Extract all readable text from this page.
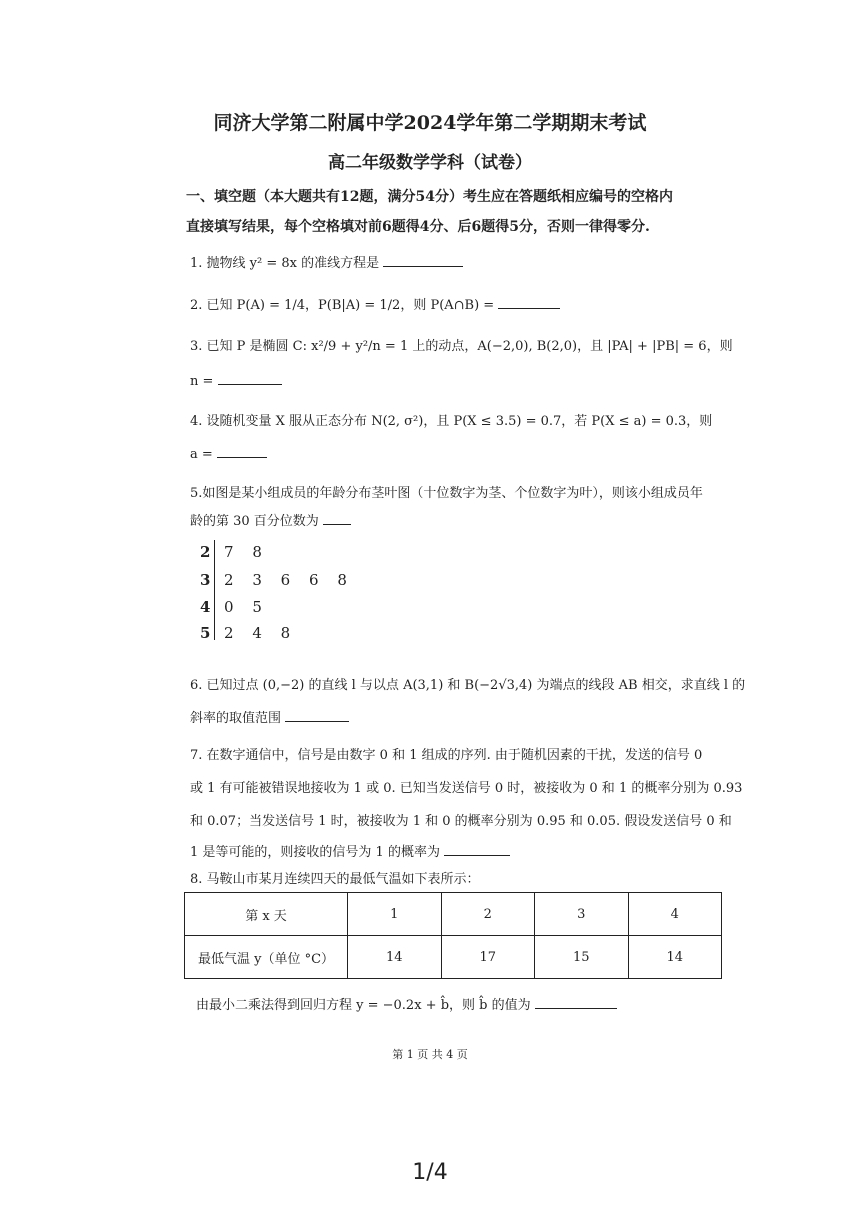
同济大学第二附属中学2024学年第二学期期末考试
高二年级数学学科（试卷）
一、填空题（本大题共有12题，满分54分）考生应在答题纸相应编号的空格内
直接填写结果，每个空格填对前6题得4分、后6题得5分，否则一律得零分.
1. 抛物线 y² = 8x 的准线方程是
2. 已知 P(A) = 1/4，P(B|A) = 1/2，则 P(A∩B) =
3. 已知 P 是椭圆 C: x²/9 + y²/n = 1 上的动点，A(−2,0), B(2,0)，且 |PA| + |PB| = 6，则
n =
4. 设随机变量 X 服从正态分布 N(2, σ²)，且 P(X ≤ 3.5) = 0.7，若 P(X ≤ a) = 0.3，则
a =
5.如图是某小组成员的年龄分布茎叶图（十位数字为茎、个位数字为叶），则该小组成员年
龄的第 30 百分位数为
2 7 8
3 2 3 6 6 8
4 0 5
5 2 4 8
6. 已知过点 (0,−2) 的直线 l 与以点 A(3,1) 和 B(−2√3,4) 为端点的线段 AB 相交，求直线 l 的
斜率的取值范围
7. 在数字通信中，信号是由数字 0 和 1 组成的序列. 由于随机因素的干扰，发送的信号 0
或 1 有可能被错误地接收为 1 或 0. 已知当发送信号 0 时，被接收为 0 和 1 的概率分别为 0.93
和 0.07；当发送信号 1 时，被接收为 1 和 0 的概率分别为 0.95 和 0.05. 假设发送信号 0 和
1 是等可能的，则接收的信号为 1 的概率为
8. 马鞍山市某月连续四天的最低气温如下表所示：
第 x 天	1	2	3	4
最低气温 y（单位 °C）	14	17	15	14
由最小二乘法得到回归方程 y = −0.2x + b̂，则 b̂ 的值为
第 1 页 共 4 页
1/4
